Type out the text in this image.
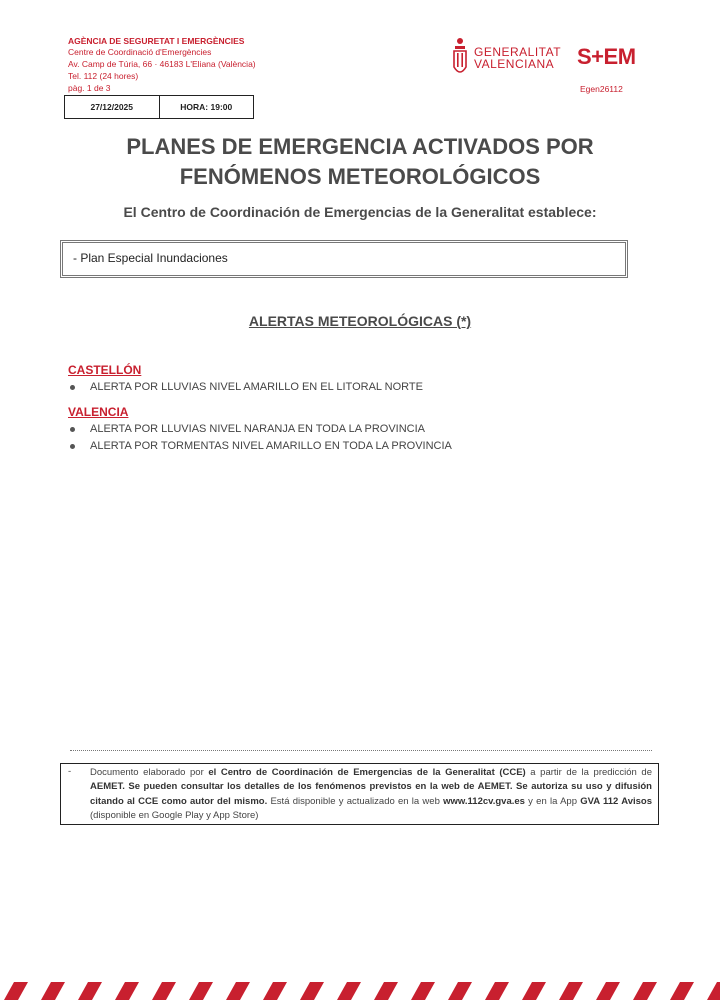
AGÈNCIA DE SEGURETAT I EMERGÈNCIES
Centre de Coordinació d'Emergències
Av. Camp de Túria, 66 · 46183 L'Eliana (València)
Tel. 112 (24 hores)
pàg. 1 de 3
27/12/2025	HORA: 19:00
GENERALITAT
VALENCIANA	S+EM
Egen26112
PLANES DE EMERGENCIA ACTIVADOS POR
FENÓMENOS METEOROLÓGICOS
El Centro de Coordinación de Emergencias de la Generalitat establece:
- Plan Especial Inundaciones
ALERTAS METEOROLÓGICAS (*)
CASTELLÓN
ALERTA POR LLUVIAS NIVEL AMARILLO EN EL LITORAL NORTE
VALENCIA
ALERTA POR LLUVIAS NIVEL NARANJA EN TODA LA PROVINCIA
ALERTA POR TORMENTAS NIVEL AMARILLO EN TODA LA PROVINCIA
- Documento elaborado por el Centro de Coordinación de Emergencias de la Generalitat (CCE) a partir de la predicción de AEMET. Se pueden consultar los detalles de los fenómenos previstos en la web de AEMET. Se autoriza su uso y difusión citando al CCE como autor del mismo. Está disponible y actualizado en la web www.112cv.gva.es y en la App GVA 112 Avisos (disponible en Google Play y App Store)
